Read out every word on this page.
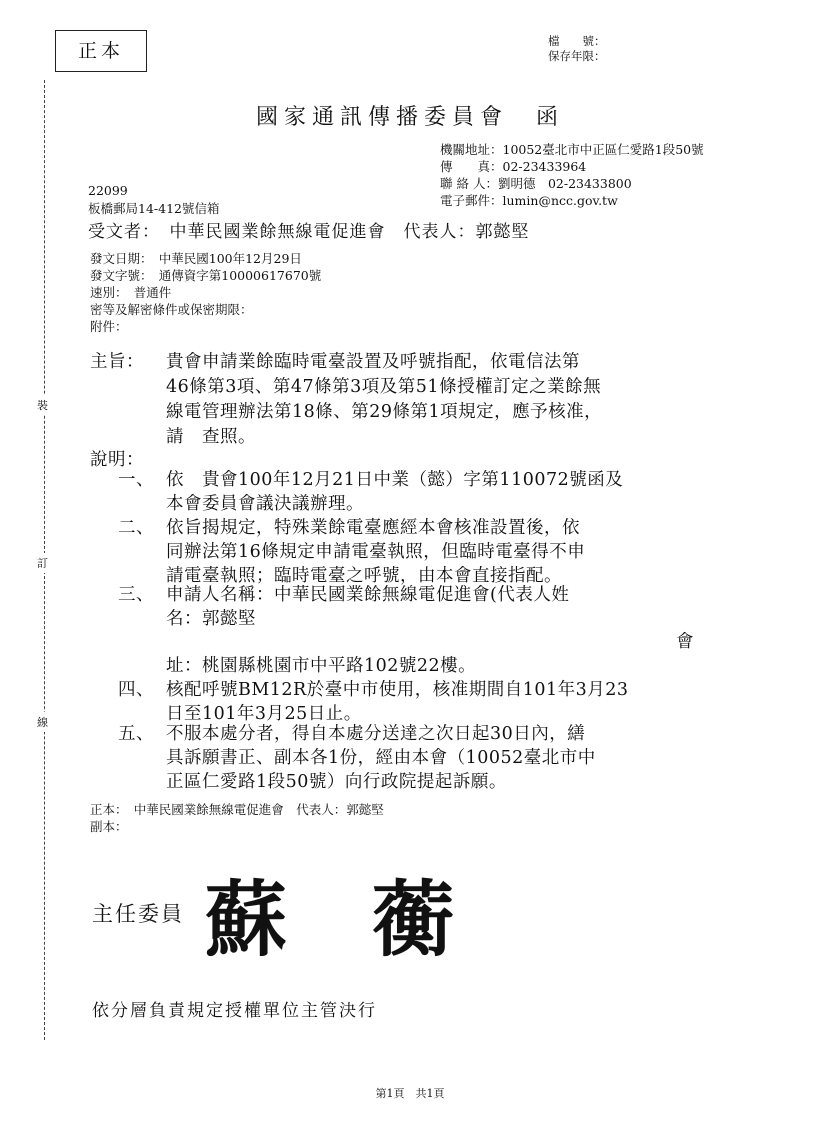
裝
訂
線
正本	檔　　號：
保存年限：
國家通訊傳播委員會　函
機關地址：10052臺北市中正區仁愛路1段50號
傳　　真：02-23433964
聯 絡 人：劉明德　02-23433800
電子郵件：lumin@ncc.gov.tw
22099
板橋郵局14-412號信箱
受文者：　中華民國業餘無線電促進會　代表人：郭懿堅
發文日期：　中華民國100年12月29日
發文字號：　通傳資字第10000617670號
速別：　普通件
密等及解密條件或保密期限：
附件：
主旨： 貴會申請業餘臨時電臺設置及呼號指配，依電信法第
46條第3項、第47條第3項及第51條授權訂定之業餘無
線電管理辦法第18條、第29條第1項規定，應予核准，
請　查照。
說明：
一、 依　貴會100年12月21日中業（懿）字第110072號函及
本會委員會議決議辦理。
二、 依旨揭規定，特殊業餘電臺應經本會核准設置後，依
同辦法第16條規定申請電臺執照，但臨時電臺得不申
請電臺執照；臨時電臺之呼號，由本會直接指配。
三、 申請人名稱：中華民國業餘無線電促進會(代表人姓
名：郭懿堅
會
址：桃園縣桃園市中平路102號22樓。
四、 核配呼號BM12R於臺中市使用，核准期間自101年3月23
日至101年3月25日止。
五、 不服本處分者，得自本處分送達之次日起30日內，繕
具訴願書正、副本各1份，經由本會（10052臺北市中
正區仁愛路1段50號）向行政院提起訴願。
正本：　中華民國業餘無線電促進會　代表人：郭懿堅
副本：
主任委員 蘇 蘅
依分層負責規定授權單位主管決行
第1頁　共1頁
